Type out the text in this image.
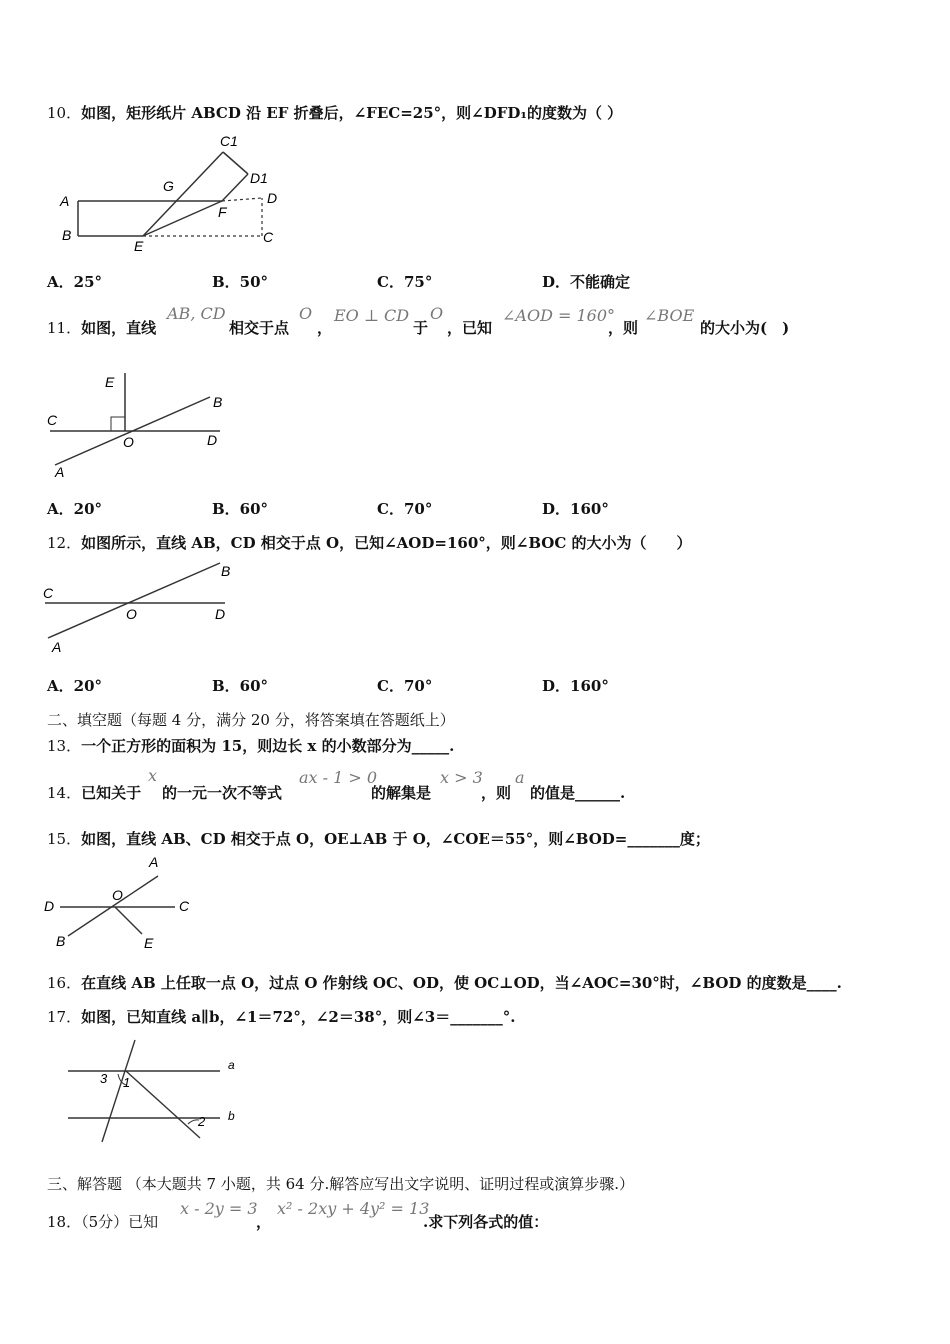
10．如图，矩形纸片 ABCD 沿 EF 折叠后，∠FEC=25°，则∠DFD₁的度数为（ ）
A
B
E
F
G
C1
D1
D
C
A．25°	B．50°	C．75°	D．不能确定
11．如图，直线
AB, CD
相交于点
O
，
EO ⊥ CD
于
O
，已知
∠AOD = 160°
，则
∠BOE
的大小为(　)
E
C
O	D
B
A
A．20°	B．60°	C．70°	D．160°
12．如图所示，直线 AB，CD 相交于点 O，已知∠AOD=160°，则∠BOC 的大小为（　　）
C
O	D
B
A
A．20°	B．60°	C．70°	D．160°
二、填空题（每题 4 分，满分 20 分，将答案填在答题纸上）
13．一个正方形的面积为 15，则边长 x 的小数部分为_____.
14．已知关于
x
的一元一次不等式
ax - 1 > 0
的解集是
x > 3
，则
a
的值是______.
15．如图，直线 AB、CD 相交于点 O，OE⊥AB 于 O，∠COE＝55°，则∠BOD=_______度；
A
O
D	C
B	E
16．在直线 AB 上任取一点 O，过点 O 作射线 OC、OD，使 OC⊥OD，当∠AOC=30°时，∠BOD 的度数是____.
17．如图，已知直线 a∥b，∠1＝72°，∠2＝38°，则∠3＝_______°.
a
b
1
2
3
三、解答题 （本大题共 7 小题，共 64 分.解答应写出文字说明、证明过程或演算步骤.）
18．（5分）已知
x - 2y = 3
，
x² - 2xy + 4y² = 13
.求下列各式的值：
